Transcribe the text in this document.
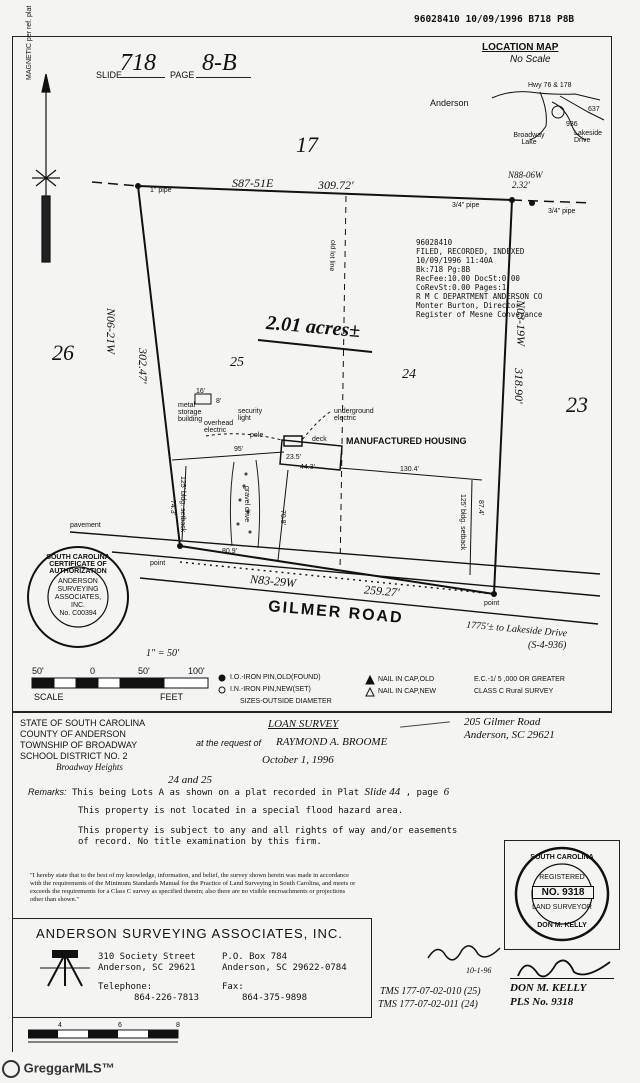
96028410 10/09/1996 B718 P8B
SLIDE
718 PAGE 8-B
LOCATION MAP
No Scale
Anderson
Hwy 76 & 178
Broadway Lake
Lakeside Drive
936
637
MAGNETIC per ref. plat
17
26
23
25
24
S87-51E	309.72'
N88-06W
2.32'
1" pipe
3/4" pipe
3/4" pipe
N06-21W
302.47'
N03-19W
318.90'
old lot line
2.01 acres±
metal storage building
16'
8'
security light
pole
overhead electric
underground electric
deck MANUFACTURED HOUSING
95'
44.3'	130.4'
23.5'
70.8'
74.3'	87.4'
80.9'
gravel drive
125' bldg. setback	125' bldg. setback
pavement
point
point
N83-29W
259.27'
GILMER ROAD
1775'± to Lakeside Drive
(S-4-936)
SOUTH CAROLINA CERTIFICATE OF AUTHORIZATION
ANDERSON
SURVEYING
ASSOCIATES, INC.
No. C00394
1" = 50'
50'	0	50'	100'
SCALE	FEET
I.O.-IRON PIN,OLD(FOUND)
I.N.-IRON PIN,NEW(SET)
SIZES-OUTSIDE DIAMETER
NAIL IN CAP,OLD
NAIL IN CAP,NEW
E.C.-1/ 5 ,000 OR GREATER
CLASS C Rural SURVEY
96028410
FILED, RECORDED, INDEXED
10/09/1996 11:40A
Bk:718 Pg:8B
RecFee:10.00 DocSt:0.00
CoRevSt:0.00 Pages:1
R M C DEPARTMENT ANDERSON CO
Monter Burton, Director
Register of Mesne Conveyance
STATE OF SOUTH CAROLINA
COUNTY OF ANDERSON
TOWNSHIP OF BROADWAY
SCHOOL DISTRICT NO. 2
Broadway Heights
LOAN SURVEY
at the request of RAYMOND A. BROOME
October 1, 1996
205 Gilmer Road
Anderson, SC 29621
24 and 25
Remarks: This being Lots A as shown on a plat recorded in Plat Slide 44 , page 6
This property is not located in a special flood hazard area.
This property is subject to any and all rights of way and/or easements
of record. No title examination by this firm.
"I hereby state that to the best of my knowledge, information, and belief, the survey shown herein was made in accordance with the requirements of the Minimum Standards Manual for the Practice of Land Surveying in South Carolina, and meets or exceeds the requirements for a Class C survey as specified therein; also there are no visible encroachments or projections other than shown."
ANDERSON SURVEYING ASSOCIATES, INC.
310 Society Street
Anderson, SC 29621
P.O. Box 784
Anderson, SC 29622-0784
Telephone:
864-226-7813
Fax:
864-375-9898
SOUTH CAROLINA
REGISTERED
NO. 9318
LAND SURVEYOR
DON M. KELLY
10-1-96
DON M. KELLY
PLS No. 9318
TMS 177-07-02-010 (25)
TMS 177-07-02-011 (24)
4	6	8
GreggarMLS™
